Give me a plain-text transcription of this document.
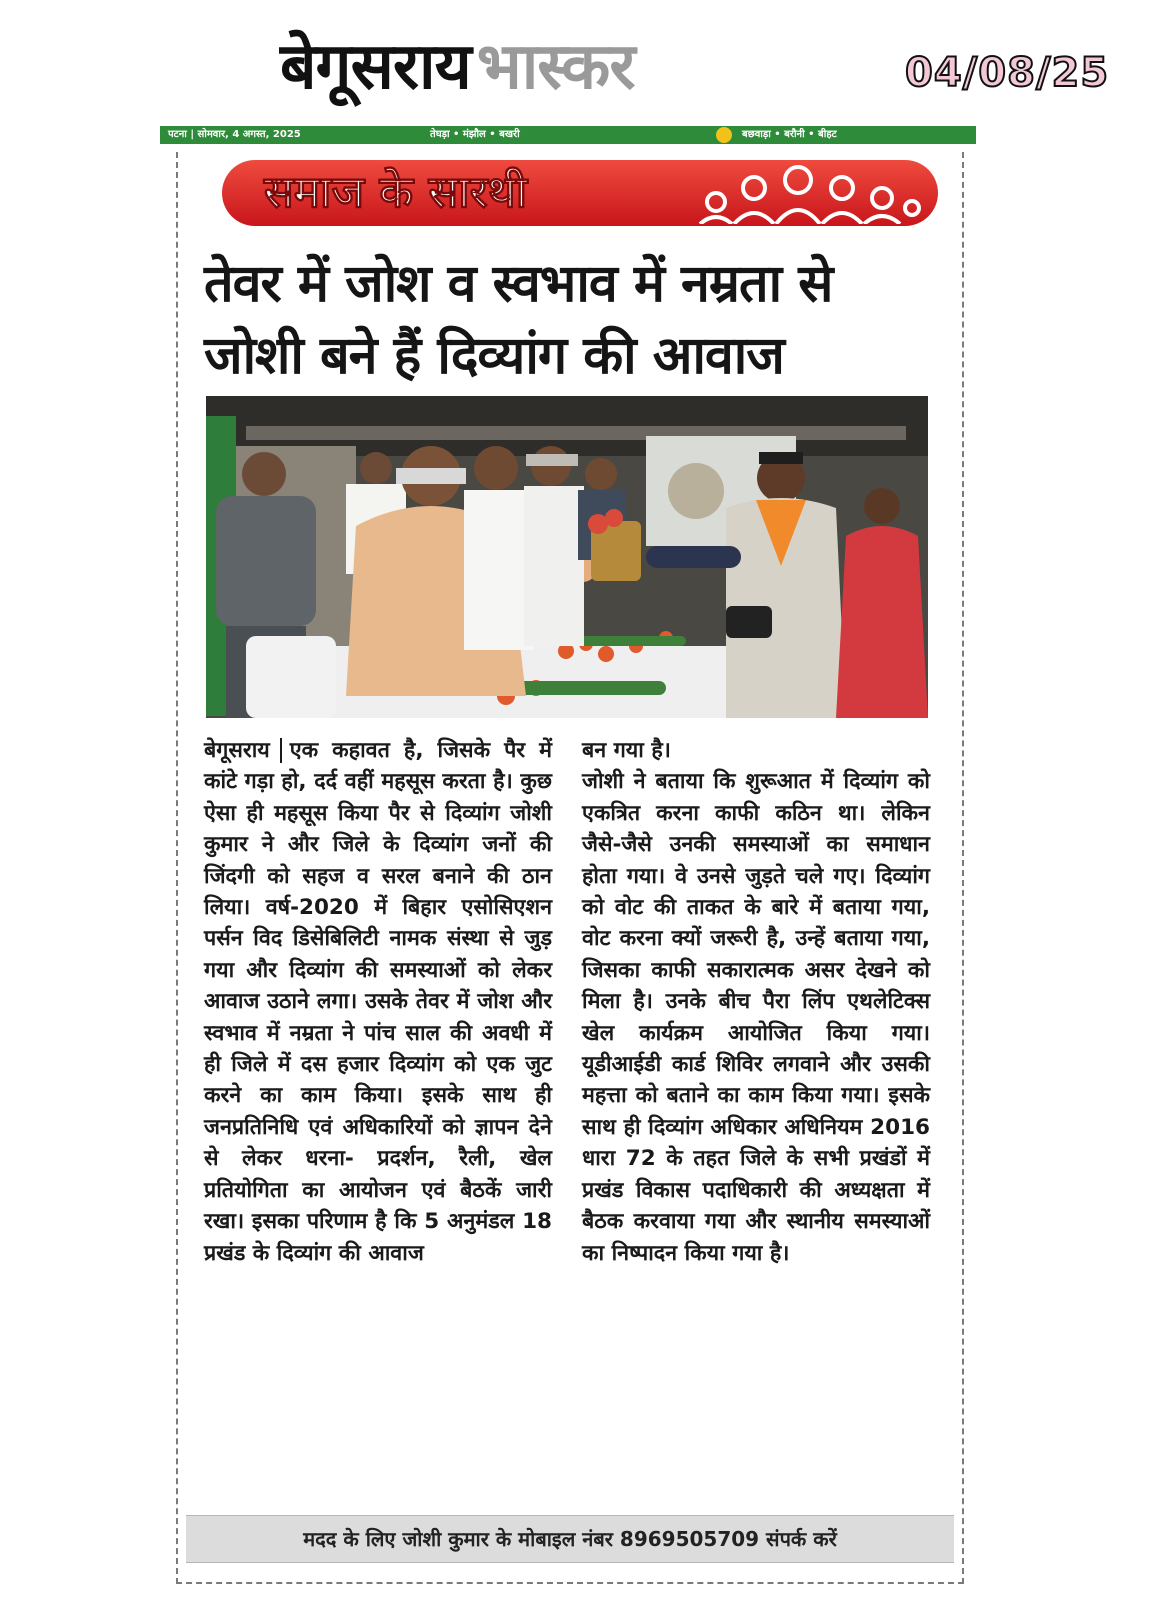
बेगूसरायभास्कर	04/08/25
पटना | सोमवार, 4 अगस्त, 2025	तेघड़ा • मंझौल • बखरी	बछवाड़ा • बरौनी • बीहट
समाज के सारथी
तेवर में जोश व स्वभाव में नम्रता से
जोशी बने हैं दिव्यांग की आवाज

बेगूसराय एक कहावत है, जिसके पैर में कांटे गड़ा हो, दर्द वहीं महसूस करता है। कुछ ऐसा ही महसूस किया पैर से दिव्यांग जोशी कुमार ने और जिले के दिव्यांग जनों की जिंदगी को सहज व सरल बनाने की ठान लिया। वर्ष-2020 में बिहार एसोसिएशन पर्सन विद डिसेबिलिटी नामक संस्था से जुड़ गया और दिव्यांग की समस्याओं को लेकर आवाज उठाने लगा। उसके तेवर में जोश और स्वभाव में नम्रता ने पांच साल की अवधी में ही जिले में दस हजार दिव्यांग को एक जुट करने का काम किया। इसके साथ ही जनप्रतिनिधि एवं अधिकारियों को ज्ञापन देने से लेकर धरना- प्रदर्शन, रैली, खेल प्रतियोगिता का आयोजन एवं बैठकें जारी रखा। इसका परिणाम है कि 5 अनुमंडल 18 प्रखंड के दिव्यांग की आवाज

बन गया है।

जोशी ने बताया कि शुरूआत में दिव्यांग को एकत्रित करना काफी कठिन था। लेकिन जैसे-जैसे उनकी समस्याओं का समाधान होता गया। वे उनसे जुड़ते चले गए। दिव्यांग को वोट की ताकत के बारे में बताया गया, वोट करना क्यों जरूरी है, उन्हें बताया गया, जिसका काफी सकारात्मक असर देखने को मिला है। उनके बीच पैरा लिंप एथलेटिक्स खेल कार्यक्रम आयोजित किया गया। यूडीआईडी कार्ड शिविर लगवाने और उसकी महत्ता को बताने का काम किया गया। इसके साथ ही दिव्यांग अधिकार अधिनियम 2016 धारा 72 के तहत जिले के सभी प्रखंडों में प्रखंड विकास पदाधिकारी की अध्यक्षता में बैठक करवाया गया और स्थानीय समस्याओं का निष्पादन किया गया है।

मदद के लिए जोशी कुमार के मोबाइल नंबर 8969505709 संपर्क करें
